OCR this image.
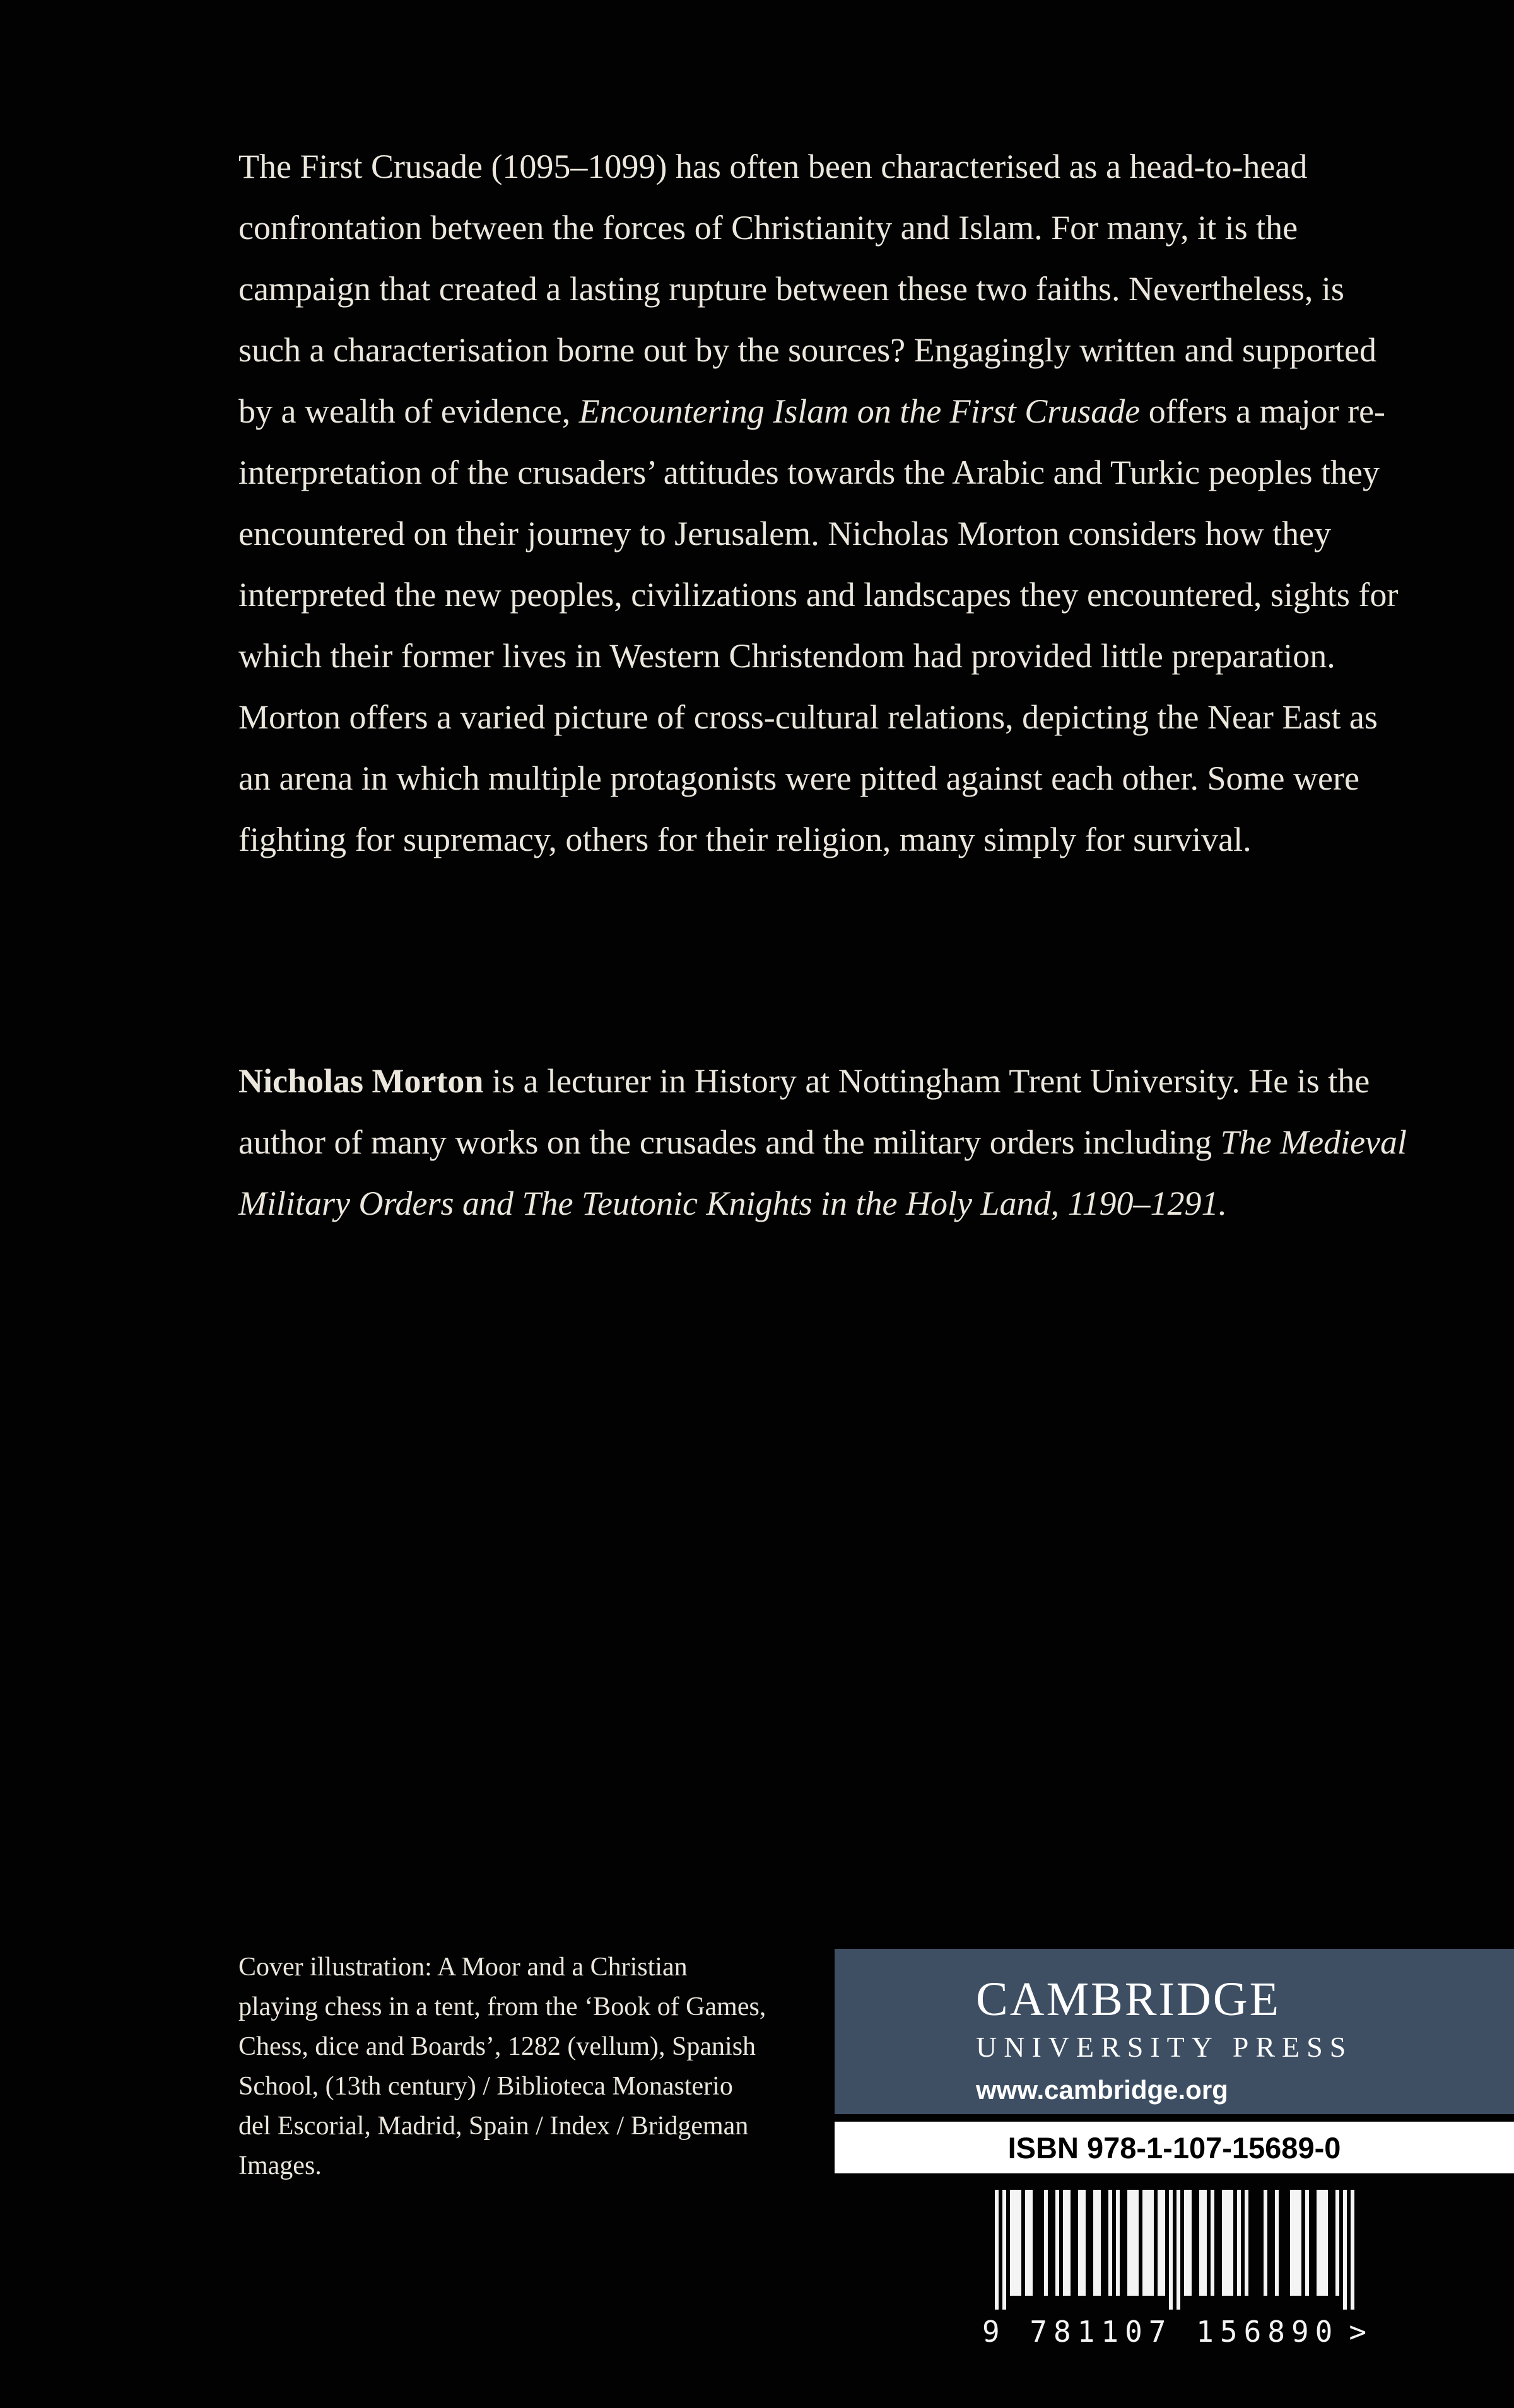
The First Crusade (1095–1099) has often been characterised as a head-to-head confrontation between the forces of Christianity and Islam. For many, it is the campaign that created a lasting rupture between these two faiths. Nevertheless, is such a characterisation borne out by the sources? Engagingly written and supported by a wealth of evidence, Encountering Islam on the First Crusade offers a major re-interpretation of the crusaders’ attitudes towards the Arabic and Turkic peoples they encountered on their journey to Jerusalem. Nicholas Morton considers how they interpreted the new peoples, civilizations and landscapes they encountered, sights for which their former lives in Western Christendom had provided little preparation. Morton offers a varied picture of cross-cultural relations, depicting the Near East as an arena in which multiple protagonists were pitted against each other. Some were fighting for supremacy, others for their religion, many simply for survival.

Nicholas Morton is a lecturer in History at Nottingham Trent University. He is the author of many works on the crusades and the military orders including The Medieval Military Orders and The Teutonic Knights in the Holy Land, 1190–1291.

Cover illustration: A Moor and a Christian
playing chess in a tent, from the ‘Book of Games,
Chess, dice and Boards’, 1282 (vellum), Spanish
School, (13th century) / Biblioteca Monasterio
del Escorial, Madrid, Spain / Index / Bridgeman
Images.
CAMBRIDGE
UNIVERSITY PRESS
www.cambridge.org
ISBN 978-1-107-15689-0
9 781107 156890 >
